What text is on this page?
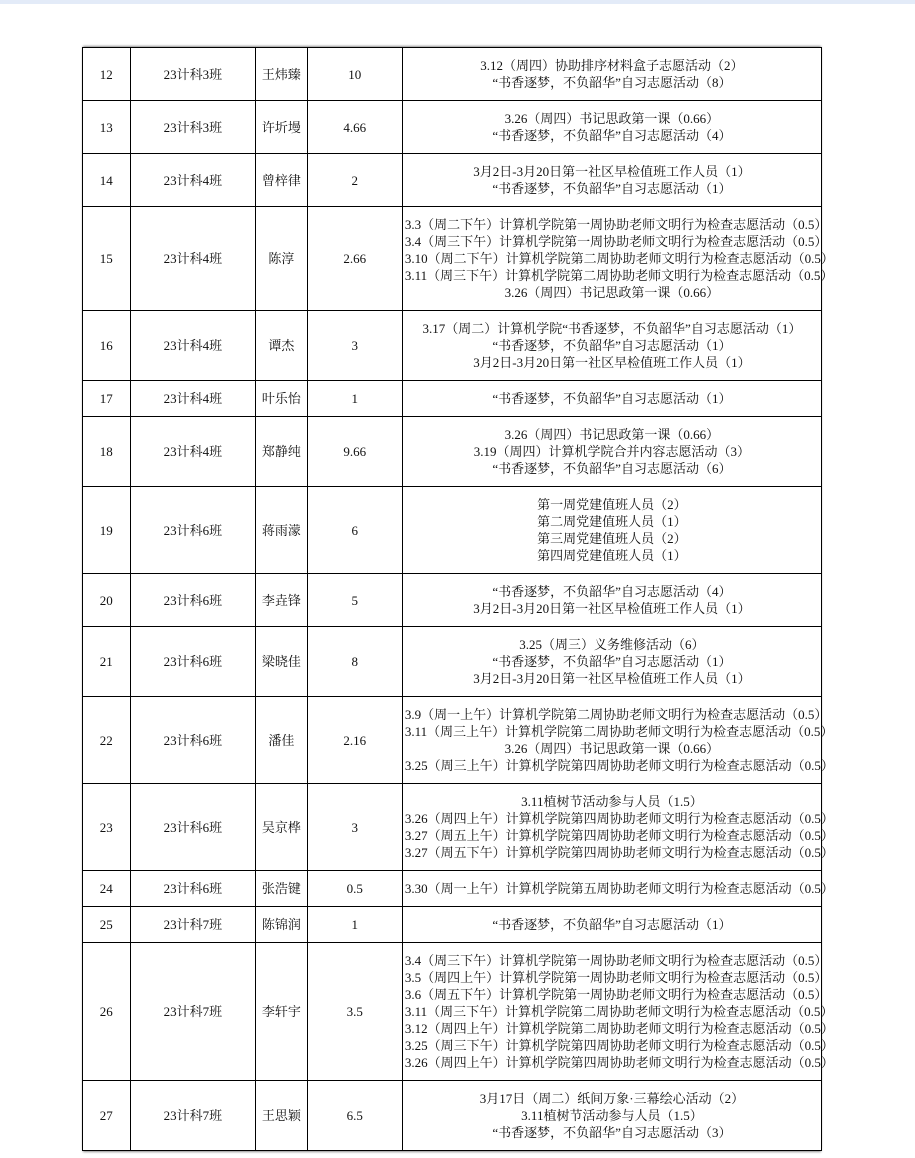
12	23计科3班	王炜臻	10	3.12（周四）协助排序材料盒子志愿活动（2）
“书香逐梦，不负韶华”自习志愿活动（8）

13	23计科3班	许圻墁	4.66	3.26（周四）书记思政第一课（0.66）
“书香逐梦，不负韶华”自习志愿活动（4）

14	23计科4班	曾梓律	2	3月2日-3月20日第一社区早检值班工作人员（1）
“书香逐梦，不负韶华”自习志愿活动（1）

15	23计科4班	陈淳	2.66	3.3（周二下午）计算机学院第一周协助老师文明行为检查志愿活动（0.5）
3.4（周三下午）计算机学院第一周协助老师文明行为检查志愿活动（0.5）
3.10（周二下午）计算机学院第二周协助老师文明行为检查志愿活动（0.5）
3.11（周三下午）计算机学院第二周协助老师文明行为检查志愿活动（0.5）
3.26（周四）书记思政第一课（0.66）

16	23计科4班	谭杰	3	3.17（周二）计算机学院“书香逐梦，不负韶华”自习志愿活动（1）
“书香逐梦，不负韶华”自习志愿活动（1）
3月2日-3月20日第一社区早检值班工作人员（1）

17	23计科4班	叶乐怡	1	“书香逐梦，不负韶华”自习志愿活动（1）

18	23计科4班	郑静纯	9.66	3.26（周四）书记思政第一课（0.66）
3.19（周四）计算机学院合并内容志愿活动（3）
“书香逐梦，不负韶华”自习志愿活动（6）

19	23计科6班	蒋雨濛	6	第一周党建值班人员（2）
第二周党建值班人员（1）
第三周党建值班人员（2）
第四周党建值班人员（1）

20	23计科6班	李垚锋	5	“书香逐梦，不负韶华”自习志愿活动（4）
3月2日-3月20日第一社区早检值班工作人员（1）

21	23计科6班	梁晓佳	8	3.25（周三）义务维修活动（6）
“书香逐梦，不负韶华”自习志愿活动（1）
3月2日-3月20日第一社区早检值班工作人员（1）

22	23计科6班	潘佳	2.16	3.9（周一上午）计算机学院第二周协助老师文明行为检查志愿活动（0.5）
3.11（周三上午）计算机学院第二周协助老师文明行为检查志愿活动（0.5）
3.26（周四）书记思政第一课（0.66）
3.25（周三上午）计算机学院第四周协助老师文明行为检查志愿活动（0.5）

23	23计科6班	吴京桦	3	3.11植树节活动参与人员（1.5）
3.26（周四上午）计算机学院第四周协助老师文明行为检查志愿活动（0.5）
3.27（周五上午）计算机学院第四周协助老师文明行为检查志愿活动（0.5）
3.27（周五下午）计算机学院第四周协助老师文明行为检查志愿活动（0.5）

24	23计科6班	张浩键	0.5	3.30（周一上午）计算机学院第五周协助老师文明行为检查志愿活动（0.5）

25	23计科7班	陈锦润	1	“书香逐梦，不负韶华”自习志愿活动（1）

26	23计科7班	李轩宇	3.5	
3.4（周三下午）计算机学院第一周协助老师文明行为检查志愿活动（0.5）
3.5（周四上午）计算机学院第一周协助老师文明行为检查志愿活动（0.5）
3.6（周五下午）计算机学院第一周协助老师文明行为检查志愿活动（0.5）
3.11（周三下午）计算机学院第二周协助老师文明行为检查志愿活动（0.5）
3.12（周四上午）计算机学院第二周协助老师文明行为检查志愿活动（0.5）
3.25（周三下午）计算机学院第四周协助老师文明行为检查志愿活动（0.5）
3.26（周四上午）计算机学院第四周协助老师文明行为检查志愿活动（0.5）

27	23计科7班	王思颖	6.5	3月17日（周二）纸间万象·三幕绘心活动（2）
3.11植树节活动参与人员（1.5）
“书香逐梦，不负韶华”自习志愿活动（3）
